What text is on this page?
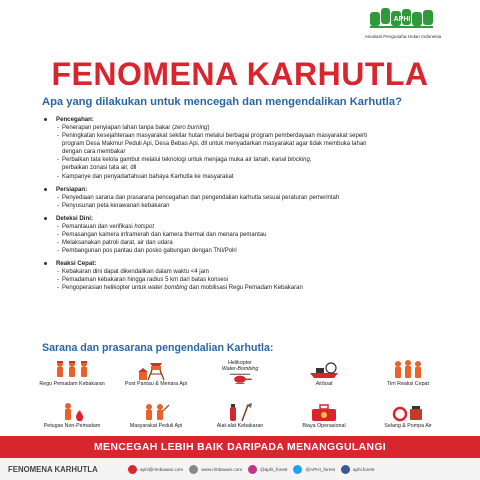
APHI
Asosiasi Pengusaha Hutan Indonesia
FENOMENA KARHUTLA
Apa yang dilakukan untuk mencegah dan mengendalikan Karhutla?
Pencegahan:
- Penerapan penyiapan lahan tanpa bakar (zero burning)
- Peningkatan kesejahteraan masyarakat sekitar hutan melalui berbagai program pemberdayaan masyarakat seperti
program Desa Makmur Peduli Api, Desa Bebas Api, dll untuk menyadarkan masyarakat agar tidak membuka lahan
dengan cara membakar
- Perbaikan tata kelola gambut melalui teknologi untuk menjaga muka air tanah, kanal blocking,
perbaikan zonasi tata air, dll
- Kampanye dan penyadartahuan bahaya Karhutla ke masyarakat
Persiapan:
- Penyediaan sarana dan prasarana pencegahan dan pengendalian karhutla sesuai peraturan pemerintah
- Penyusunan peta kerawanan kebakaran
Deteksi Dini:
- Pemantauan dan verifikasi hotspot
- Pemasangan kamera inframerah dan kamera thermal dan menara pemantau
- Melaksanakan patroli darat, air dan udara
- Pembangunan pos pantau dan posko gabungan dengan TNI/Polri
Reaksi Cepat:
- Kebakaran dini dapat dikendalikan dalam waktu <4 jam
- Pemadaman kebakaran hingga radius 5 km dari batas konsesi
- Pengoperasian helikopter untuk water bombing dan mobilisasi Regu Pemadam Kebakaran
Sarana dan prasarana pengendalian Karhutla:
Regu Pemadam Kebakaran	Post Pantau & Menara Api
Helikopter
Water-Bombing
Airboat	Tim Reaksi Cepat
Petugas Non-Pemadam	Masyarakat Peduli Api	Alat-alat Kebakaran	Biaya Operasional	Selang & Pompa Air
MENCEGAH LEBIH BAIK DARIPADA MENANGGULANGI
FENOMENA KARHUTLA	aphi@rimbawan.com	www.rimbawan.com	@aphi_forest	@APHI_forest	aphi.forest
